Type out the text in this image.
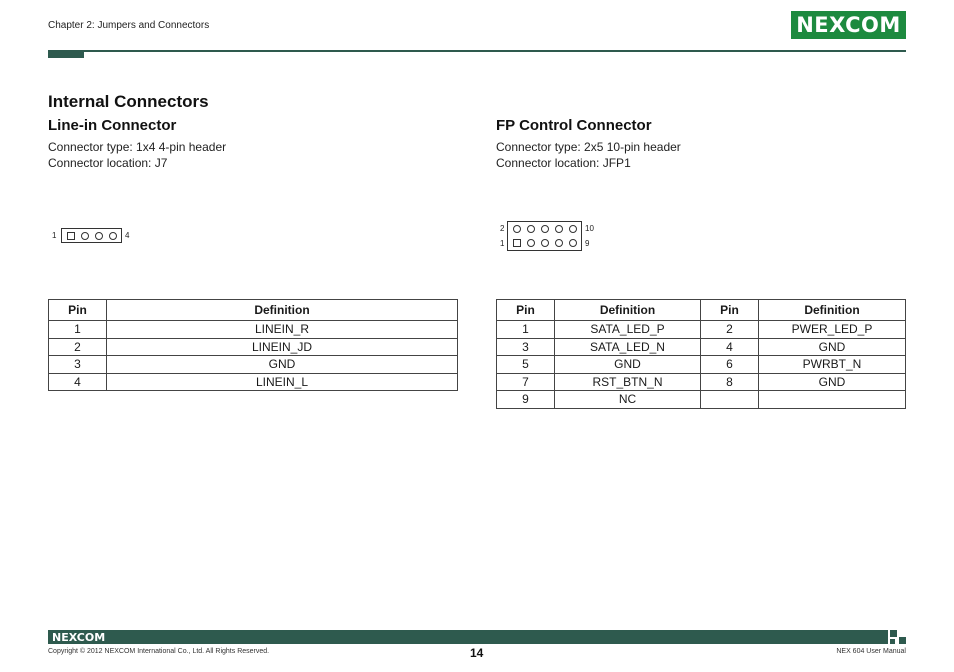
Chapter 2: Jumpers and Connectors	NEXCOM
Internal Connectors
Line-in Connector
Connector type: 1x4 4-pin header
Connector location: J7
1	4
Pin	Definition
1	LINEIN_R
2	LINEIN_JD
3	GND
4	LINEIN_L
FP Control Connector
Connector type: 2x5 10-pin header
Connector location: JFP1
2
1
10
9
Pin	Definition	Pin	Definition
1	SATA_LED_P	2	PWER_LED_P
3	SATA_LED_N	4	GND
5	GND	6	PWRBT_N
7	RST_BTN_N	8	GND
9	NC		
NEXCOM
Copyright © 2012 NEXCOM International Co., Ltd. All Rights Reserved.	14	NEX 604 User Manual
